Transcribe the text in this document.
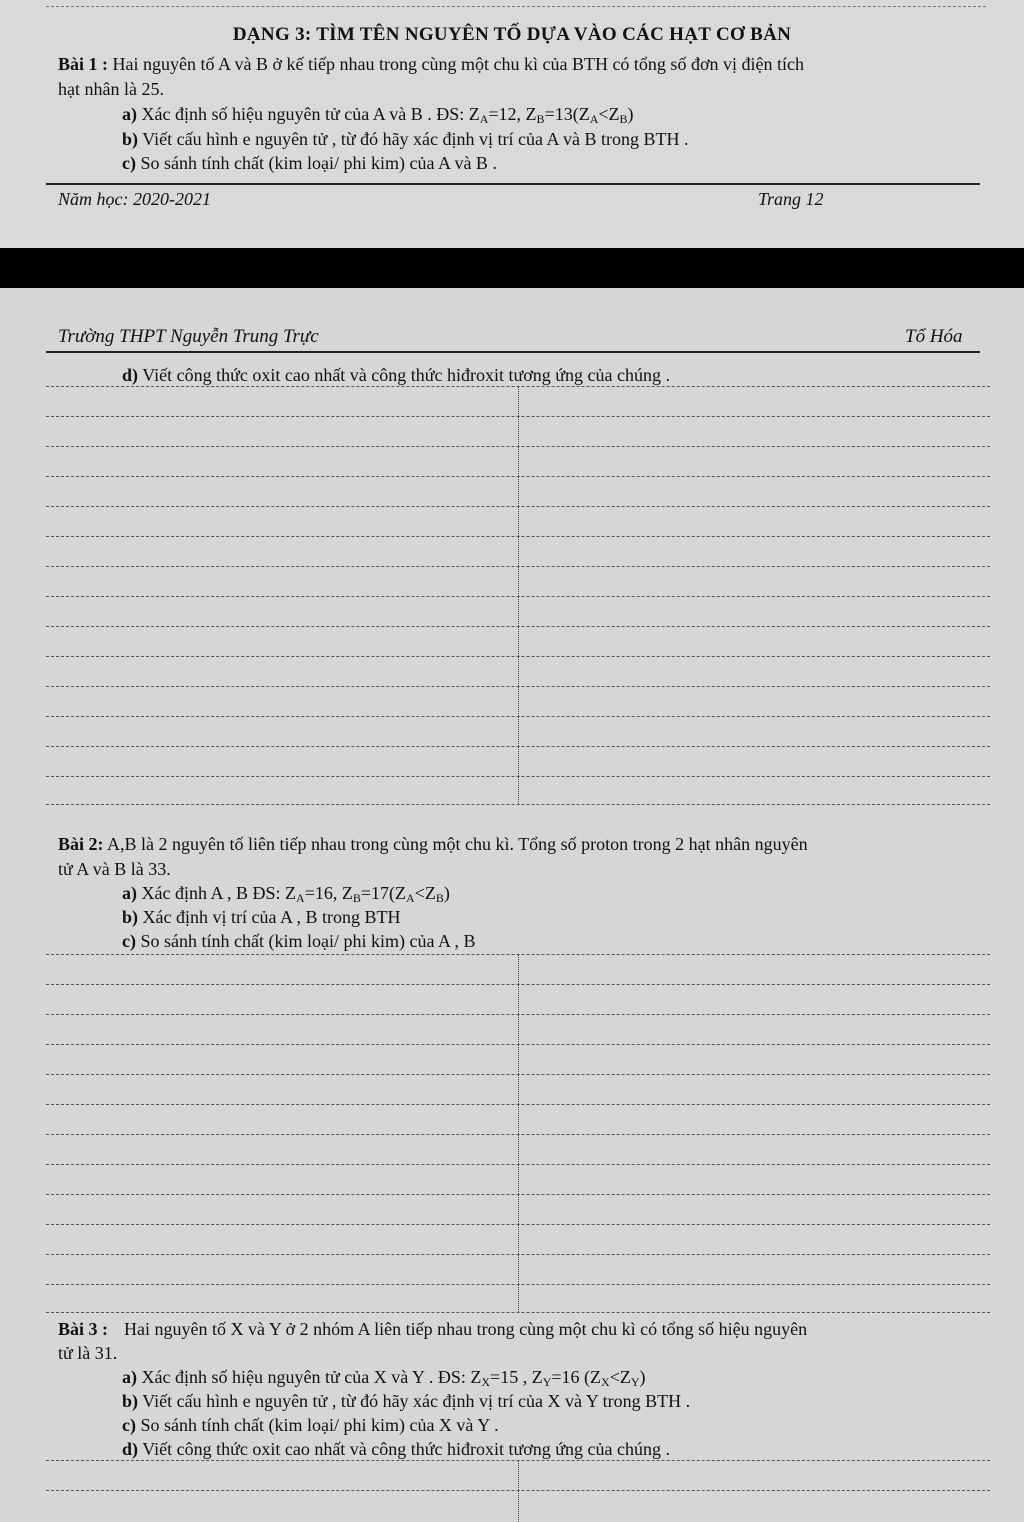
DẠNG 3: TÌM TÊN NGUYÊN TỐ DỰA VÀO CÁC HẠT CƠ BẢN
Bài 1 : Hai nguyên tố A và B ở kế tiếp nhau trong cùng một chu kì của BTH có tổng số đơn vị điện tích
hạt nhân là 25.
a) Xác định số hiệu nguyên tử của A và B . ĐS: $Z_A=12$, $Z_B=13(Z_A<Z_B)$
b) Viết cấu hình e nguyên tử , từ đó hãy xác định vị trí của A và B trong BTH .
c) So sánh tính chất (kim loại/ phi kim) của A và B .
Năm học: 2020-2021	Trang 12
Trường THPT Nguyễn Trung Trực	Tổ Hóa
d) Viết công thức oxit cao nhất và công thức hiđroxit tương ứng của chúng .
Bài 2: A,B là 2 nguyên tố liên tiếp nhau trong cùng một chu kì. Tổng số proton trong 2 hạt nhân nguyên
tử A và B là 33.
a) Xác định A , B ĐS: $Z_A=16$, $Z_B=17(Z_A<Z_B)$
b) Xác định vị trí của A , B trong BTH
c) So sánh tính chất (kim loại/ phi kim) của A , B
Bài 3 : Hai nguyên tố X và Y ở 2 nhóm A liên tiếp nhau trong cùng một chu kì có tổng số hiệu nguyên
tử là 31.
a) Xác định số hiệu nguyên tử của X và Y . ĐS: $Z_X=15$ , $Z_Y=16$ $(Z_X<Z_Y)$
b) Viết cấu hình e nguyên tử , từ đó hãy xác định vị trí của X và Y trong BTH .
c) So sánh tính chất (kim loại/ phi kim) của X và Y .
d) Viết công thức oxit cao nhất và công thức hiđroxit tương ứng của chúng .
